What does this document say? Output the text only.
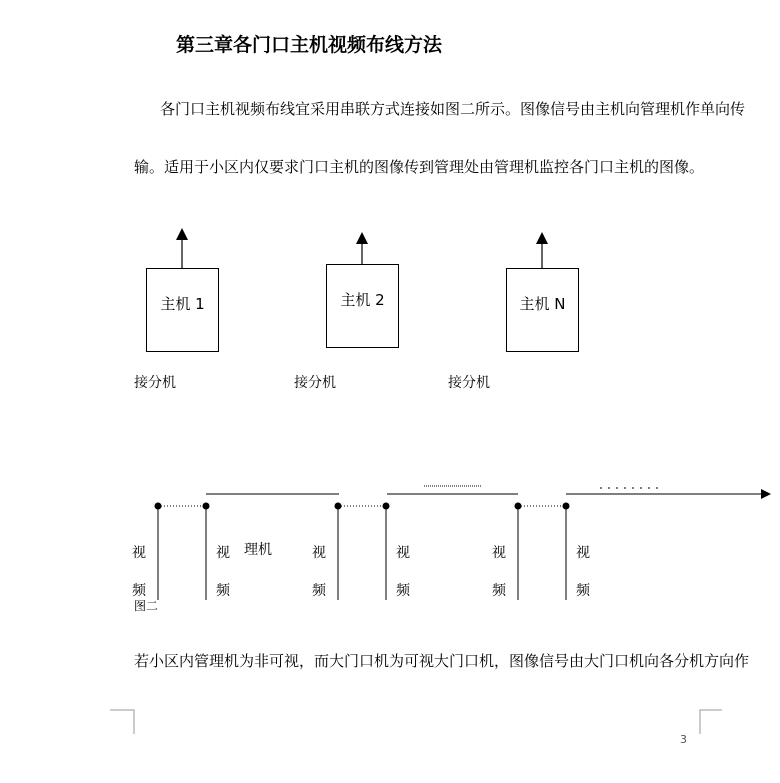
第三章各门口主机视频布线方法
各门口主机视频布线宜采用串联方式连接如图二所示。图像信号由主机向管理机作单向传
输。适用于小区内仅要求门口主机的图像传到管理处由管理机监控各门口主机的图像。
主机 1	主机 2	主机 N
接分机	接分机	接分机
视
频
视
频
视
频
视
频
视
频
视
频
理机
图二
若小区内管理机为非可视，而大门口机为可视大门口机，图像信号由大门口机向各分机方向作
3
